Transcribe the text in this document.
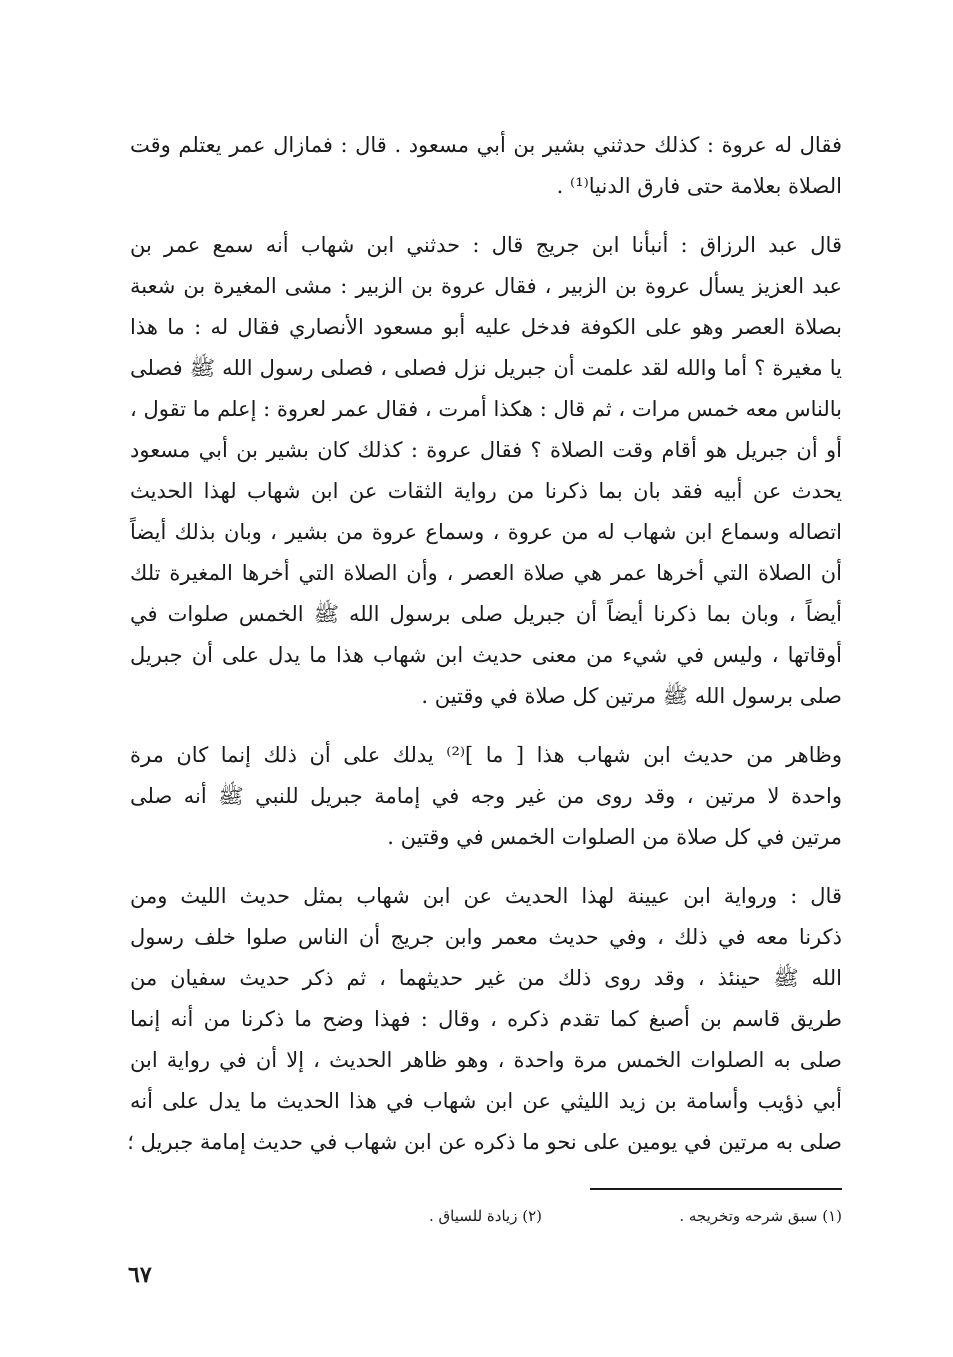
فقال له عروة : كذلك حدثني بشير بن أبي مسعود . قال : فمازال عمر يعتلم وقت
الصلاة بعلامة حتى فارق الدنيا⁽¹⁾ .
قال عبد الرزاق : أنبأنا ابن جريج قال : حدثني ابن شهاب أنه سمع عمر بن
عبد العزيز يسأل عروة بن الزبير ، فقال عروة بن الزبير : مشى المغيرة بن شعبة
بصلاة العصر وهو على الكوفة فدخل عليه أبو مسعود الأنصاري فقال له : ما هذا
يا مغيرة ؟ أما والله لقد علمت أن جبريل نزل فصلى ، فصلى رسول الله ﷺ فصلى
بالناس معه خمس مرات ، ثم قال : هكذا أمرت ، فقال عمر لعروة : إعلم ما تقول ،
أو أن جبريل هو أقام وقت الصلاة ؟ فقال عروة : كذلك كان بشير بن أبي مسعود
يحدث عن أبيه فقد بان بما ذكرنا من رواية الثقات عن ابن شهاب لهذا الحديث
اتصاله وسماع ابن شهاب له من عروة ، وسماع عروة من بشير ، وبان بذلك أيضاً
أن الصلاة التي أخرها عمر هي صلاة العصر ، وأن الصلاة التي أخرها المغيرة تلك
أيضاً ، وبان بما ذكرنا أيضاً أن جبريل صلى برسول الله ﷺ الخمس صلوات في
أوقاتها ، وليس في شيء من معنى حديث ابن شهاب هذا ما يدل على أن جبريل
صلى برسول الله ﷺ مرتين كل صلاة في وقتين .
وظاهر من حديث ابن شهاب هذا [ ما ]⁽²⁾ يدلك على أن ذلك إنما كان مرة
واحدة لا مرتين ، وقد روى من غير وجه في إمامة جبريل للنبي ﷺ أنه صلى
مرتين في كل صلاة من الصلوات الخمس في وقتين .
قال : ورواية ابن عيينة لهذا الحديث عن ابن شهاب بمثل حديث الليث ومن
ذكرنا معه في ذلك ، وفي حديث معمر وابن جريج أن الناس صلوا خلف رسول
الله ﷺ حينئذ ، وقد روى ذلك من غير حديثهما ، ثم ذكر حديث سفيان من
طريق قاسم بن أصبغ كما تقدم ذكره ، وقال : فهذا وضح ما ذكرنا من أنه إنما
صلى به الصلوات الخمس مرة واحدة ، وهو ظاهر الحديث ، إلا أن في رواية ابن
أبي ذؤيب وأسامة بن زيد الليثي عن ابن شهاب في هذا الحديث ما يدل على أنه
صلى به مرتين في يومين على نحو ما ذكره عن ابن شهاب في حديث إمامة جبريل ؛
(١) سبق شرحه وتخريجه .
(٢) زيادة للسياق .
٦٧
